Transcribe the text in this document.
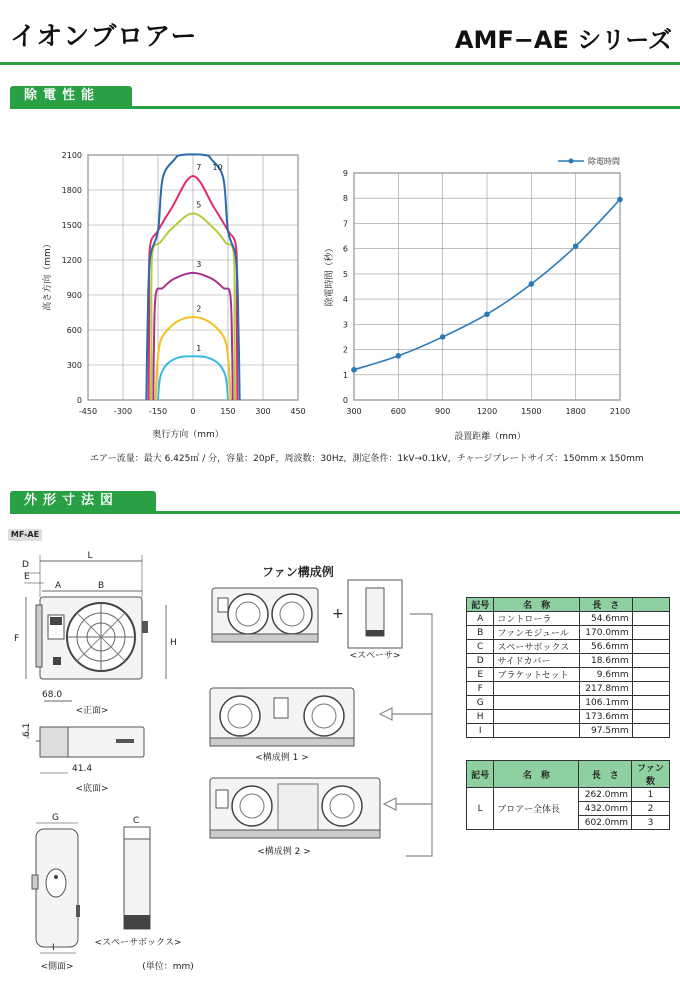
イオンブロアー	AMF−AE シリーズ
除電性能
-450 -300 -150	0	150 300 450
0
300
600
900
1200
1500
1800
2100
1
2
3
5
7 10
奥行方向（mm）
高さ方向（mm）
300	600	900	1200	1500	1800	2100
0
1
2
3
4
5
6
7
8
9
除電時間
設置距離（mm）
除電時間（秒）
エアー流量：最大 6.425㎥ / 分，容量：20pF，周波数：30Hz，測定条件：1kV→0.1kV，チャージプレートサイズ：150mm x 150mm
外形寸法図
MF-AE
L
D
E
A	B
F	H
68.0
<正面>
6.1
41.4
<底面>
G
I
<側面>
C
<スペーサボックス>
(単位：mm)
ファン構成例
+
<スペーサ>
<構成例 1 >
<構成例 2 >
記号	名　称	長　さ	
A	コントローラ	54.6mm	
B	ファンモジュール	170.0mm	
C	スペーサボックス	56.6mm	
D	サイドカバー	18.6mm	
E	ブラケットセット	9.6mm	
F		217.8mm	
G		106.1mm	
H		173.6mm	
I		97.5mm	
記号	名　称	長　さ	ファン数
L	ブロアー全体長	262.0mm	1
		432.0mm	2
		602.0mm	3
